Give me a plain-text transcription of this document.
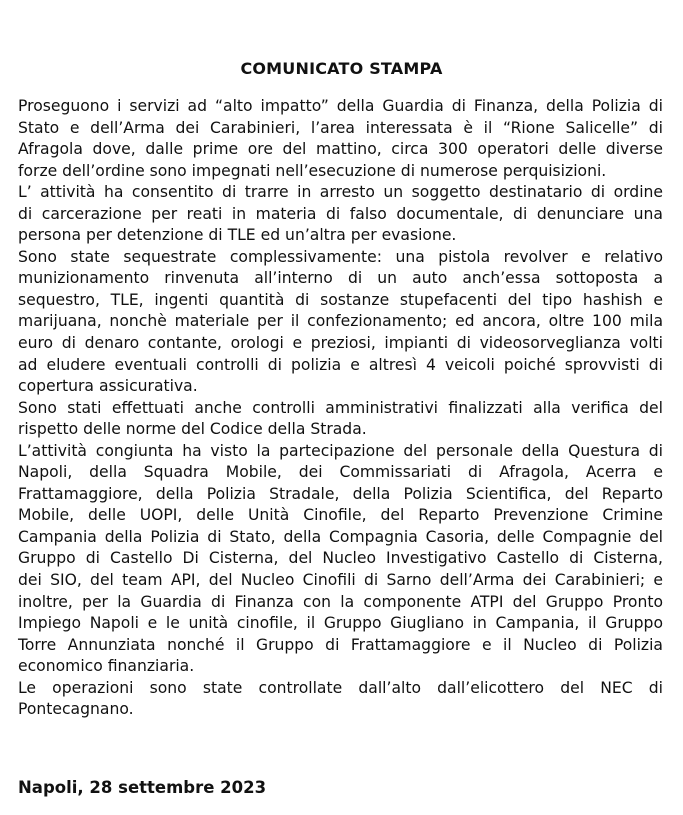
COMUNICATO STAMPA
Proseguono i servizi ad “alto impatto” della Guardia di Finanza, della Polizia di
Stato e dell’Arma dei Carabinieri, l’area interessata è il “Rione Salicelle” di
Afragola dove, dalle prime ore del mattino, circa 300 operatori delle diverse
forze dell’ordine sono impegnati nell’esecuzione di numerose perquisizioni.
L’ attività ha consentito di trarre in arresto un soggetto destinatario di ordine
di carcerazione per reati in materia di falso documentale, di denunciare una
persona per detenzione di TLE ed un’altra per evasione.
Sono state sequestrate complessivamente: una pistola revolver e relativo
munizionamento rinvenuta all’interno di un auto anch’essa sottoposta a
sequestro, TLE, ingenti quantità di sostanze stupefacenti del tipo hashish e
marijuana, nonchè materiale per il confezionamento; ed ancora, oltre 100 mila
euro di denaro contante, orologi e preziosi, impianti di videosorveglianza volti
ad eludere eventuali controlli di polizia e altresì 4 veicoli poiché sprovvisti di
copertura assicurativa.
Sono stati effettuati anche controlli amministrativi finalizzati alla verifica del
rispetto delle norme del Codice della Strada.
L’attività congiunta ha visto la partecipazione del personale della Questura di
Napoli, della Squadra Mobile, dei Commissariati di Afragola, Acerra e
Frattamaggiore, della Polizia Stradale, della Polizia Scientifica, del Reparto
Mobile, delle UOPI, delle Unità Cinofile, del Reparto Prevenzione Crimine
Campania della Polizia di Stato, della Compagnia Casoria, delle Compagnie del
Gruppo di Castello Di Cisterna, del Nucleo Investigativo Castello di Cisterna,
dei SIO, del team API, del Nucleo Cinofili di Sarno dell’Arma dei Carabinieri; e
inoltre, per la Guardia di Finanza con la componente ATPI del Gruppo Pronto
Impiego Napoli e le unità cinofile, il Gruppo Giugliano in Campania, il Gruppo
Torre Annunziata nonché il Gruppo di Frattamaggiore e il Nucleo di Polizia
economico finanziaria.
Le operazioni sono state controllate dall’alto dall’elicottero del NEC di
Pontecagnano.
Napoli, 28 settembre 2023
